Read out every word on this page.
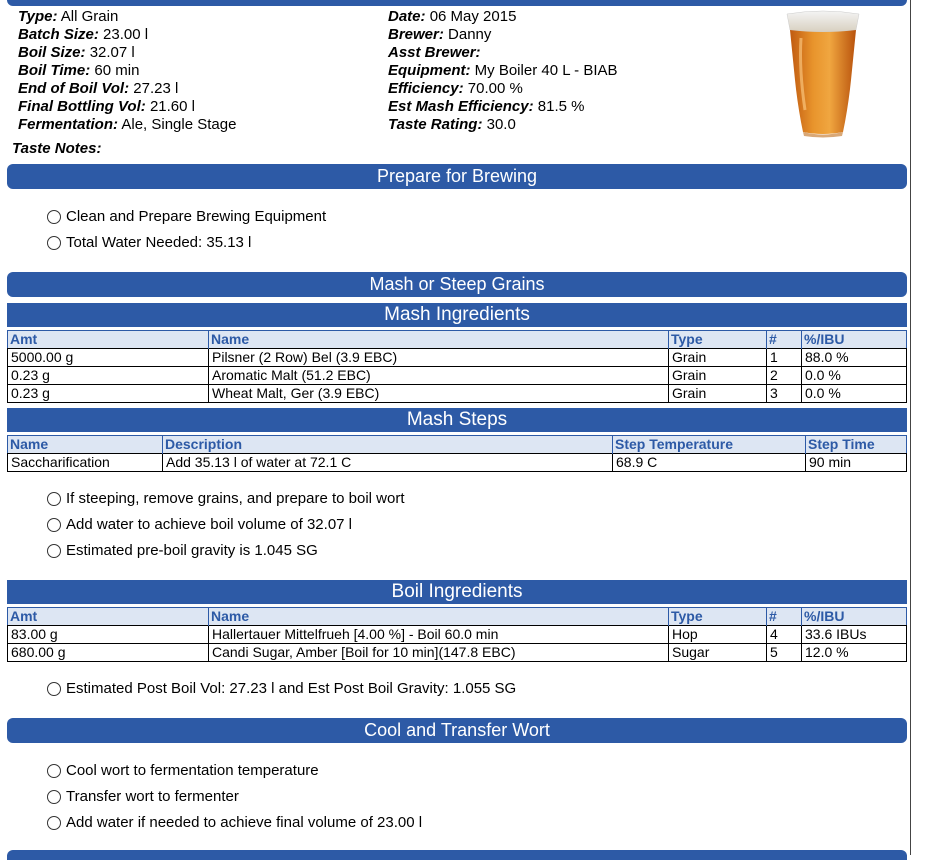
Type: All Grain
Batch Size: 23.00 l
Boil Size: 32.07 l
Boil Time: 60 min
End of Boil Vol: 27.23 l
Final Bottling Vol: 21.60 l
Fermentation: Ale, Single Stage
Date: 06 May 2015
Brewer: Danny
Asst Brewer:
Equipment: My Boiler 40 L - BIAB
Efficiency: 70.00 %
Est Mash Efficiency: 81.5 %
Taste Rating: 30.0
Taste Notes:
Prepare for Brewing
Clean and Prepare Brewing Equipment
Total Water Needed: 35.13 l
Mash or Steep Grains
Mash Ingredients
Amt	Name	Type	#	%/IBU
5000.00 g	Pilsner (2 Row) Bel (3.9 EBC)	Grain	1	88.0 %
0.23 g	Aromatic Malt (51.2 EBC)	Grain	2	0.0 %
0.23 g	Wheat Malt, Ger (3.9 EBC)	Grain	3	0.0 %
Mash Steps
Name	Description	Step Temperature	Step Time
Saccharification	Add 35.13 l of water at 72.1 C	68.9 C	90 min
If steeping, remove grains, and prepare to boil wort
Add water to achieve boil volume of 32.07 l
Estimated pre-boil gravity is 1.045 SG
Boil Ingredients
Amt	Name	Type	#	%/IBU
83.00 g	Hallertauer Mittelfrueh [4.00 %] - Boil 60.0 min	Hop	4	33.6 IBUs
680.00 g	Candi Sugar, Amber [Boil for 10 min](147.8 EBC)	Sugar	5	12.0 %
Estimated Post Boil Vol: 27.23 l and Est Post Boil Gravity: 1.055 SG
Cool and Transfer Wort
Cool wort to fermentation temperature
Transfer wort to fermenter
Add water if needed to achieve final volume of 23.00 l
